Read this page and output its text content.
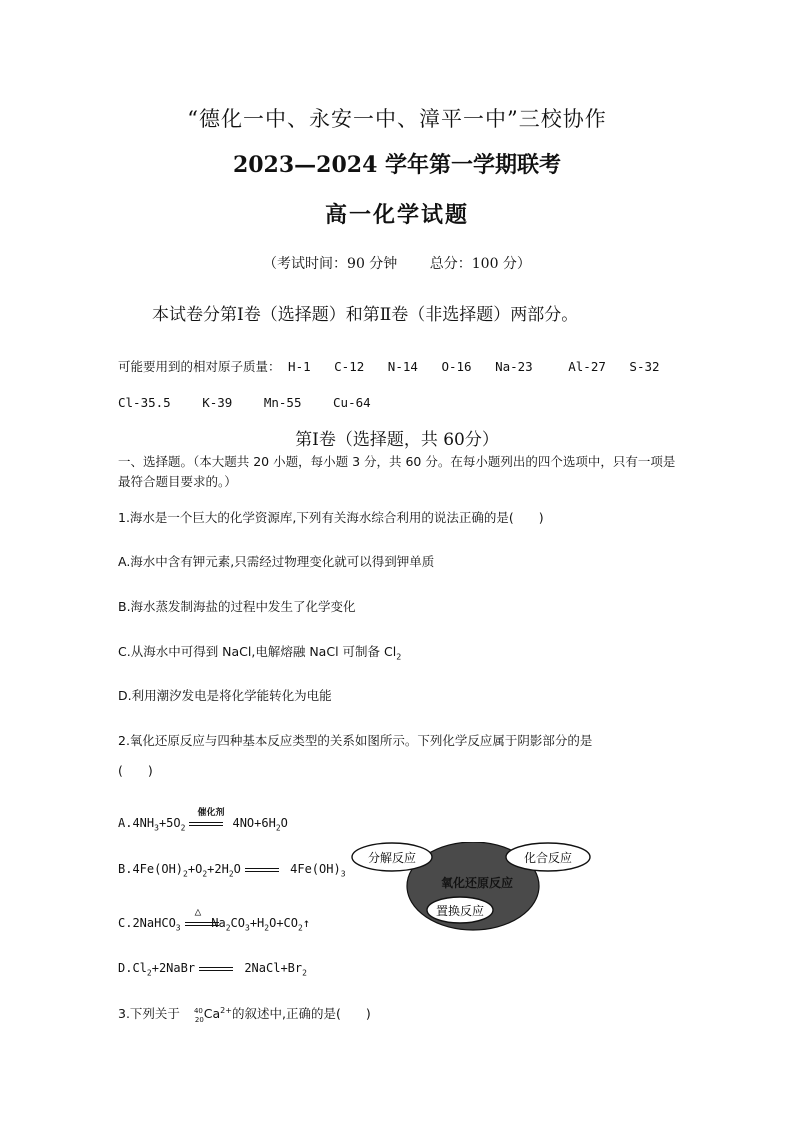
“德化一中、永安一中、漳平一中”三校协作
2023—2024 学年第一学期联考
高一化学试题
（考试时间：90 分钟 总分：100 分）
本试卷分第Ⅰ卷（选择题）和第Ⅱ卷（非选择题）两部分。
可能要用到的相对原子质量： H-1 C-12 N-14 O-16 Na-23	Al-27 S-32
Cl-35.5	K-39	Mn-55	Cu-64
第Ⅰ卷（选择题，共 60分）
一、选择题。（本大题共 20 小题，每小题 3 分，共 60 分。在每小题列出的四个选项中，只有一项是最符合题目要求的。）
1.海水是一个巨大的化学资源库,下列有关海水综合利用的说法正确的是(　　)
A.海水中含有钾元素,只需经过物理变化就可以得到钾单质
B.海水蒸发制海盐的过程中发生了化学变化
C.从海水中可得到 NaCl,电解熔融 NaCl 可制备 $Cl_2$
D.利用潮汐发电是将化学能转化为电能
2.氧化还原反应与四种基本反应类型的关系如图所示。下列化学反应属于阴影部分的是
(　　)
$A.4NH_3+5O_2$催化剂$4NO+6H_2O$
$B.4Fe(OH)_2+O_2+2H_2O$	$4Fe(OH)_3$
$C.2NaHCO_3\triangle Na_2CO_3+H_2O+CO_2↑$
$D.Cl_2+2NaBr$	$2NaCl+Br_2$
分解反应	化合反应
氧化还原反应
置换反应
3.下列关于 $^{40}_{20}Ca^{2+}$的叙述中,正确的是(　　)
